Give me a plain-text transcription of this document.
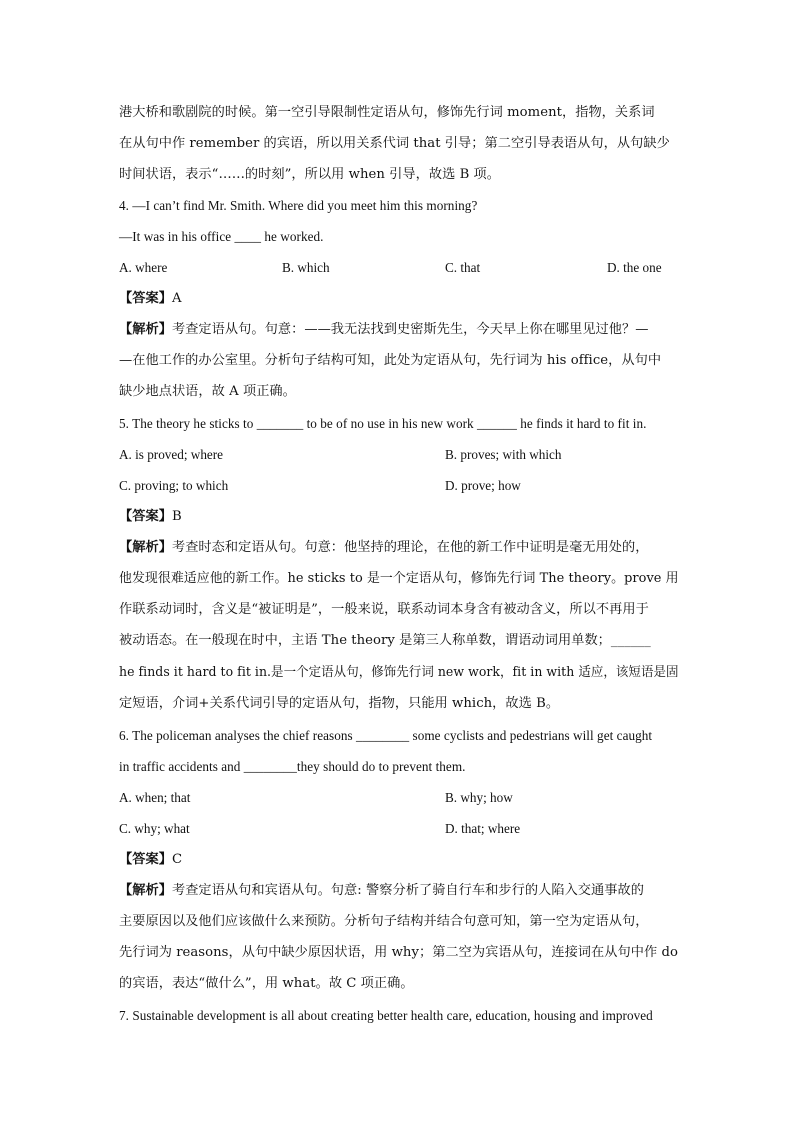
港大桥和歌剧院的时候。第一空引导限制性定语从句，修饰先行词 moment，指物，关系词
在从句中作 remember 的宾语，所以用关系代词 that 引导；第二空引导表语从句，从句缺少
时间状语，表示“……的时刻”，所以用 when 引导，故选 B 项。
4. —I can’t find Mr. Smith. Where did you meet him this morning?
—It was in his office ____ he worked.
A. where	B. which	C. that	D. the one
【答案】A
【解析】考查定语从句。句意：——我无法找到史密斯先生，今天早上你在哪里见过他？—
—在他工作的办公室里。分析句子结构可知，此处为定语从句，先行词为 his office，从句中
缺少地点状语，故 A 项正确。
5. The theory he sticks to _______ to be of no use in his new work ______ he finds it hard to fit in.
A. is proved; where	B. proves; with which
C. proving; to which	D. prove; how
【答案】B
【解析】考查时态和定语从句。句意：他坚持的理论，在他的新工作中证明是毫无用处的，
他发现很难适应他的新工作。he sticks to 是一个定语从句，修饰先行词 The theory。prove 用
作联系动词时，含义是“被证明是”，一般来说，联系动词本身含有被动含义，所以不再用于
被动语态。在一般现在时中，主语 The theory 是第三人称单数，谓语动词用单数；______
he finds it hard to fit in.是一个定语从句，修饰先行词 new work，fit in with 适应，该短语是固
定短语，介词+关系代词引导的定语从句，指物，只能用 which，故选 B。
6. The policeman analyses the chief reasons ________ some cyclists and pedestrians will get caught
in traffic accidents and ________they should do to prevent them.
A. when; that	B. why; how
C. why; what	D. that; where
【答案】C
【解析】考查定语从句和宾语从句。句意: 警察分析了骑自行车和步行的人陷入交通事故的
主要原因以及他们应该做什么来预防。分析句子结构并结合句意可知，第一空为定语从句，
先行词为 reasons，从句中缺少原因状语，用 why；第二空为宾语从句，连接词在从句中作 do
的宾语，表达“做什么”，用 what。故 C 项正确。
7. Sustainable development is all about creating better health care, education, housing and improved
